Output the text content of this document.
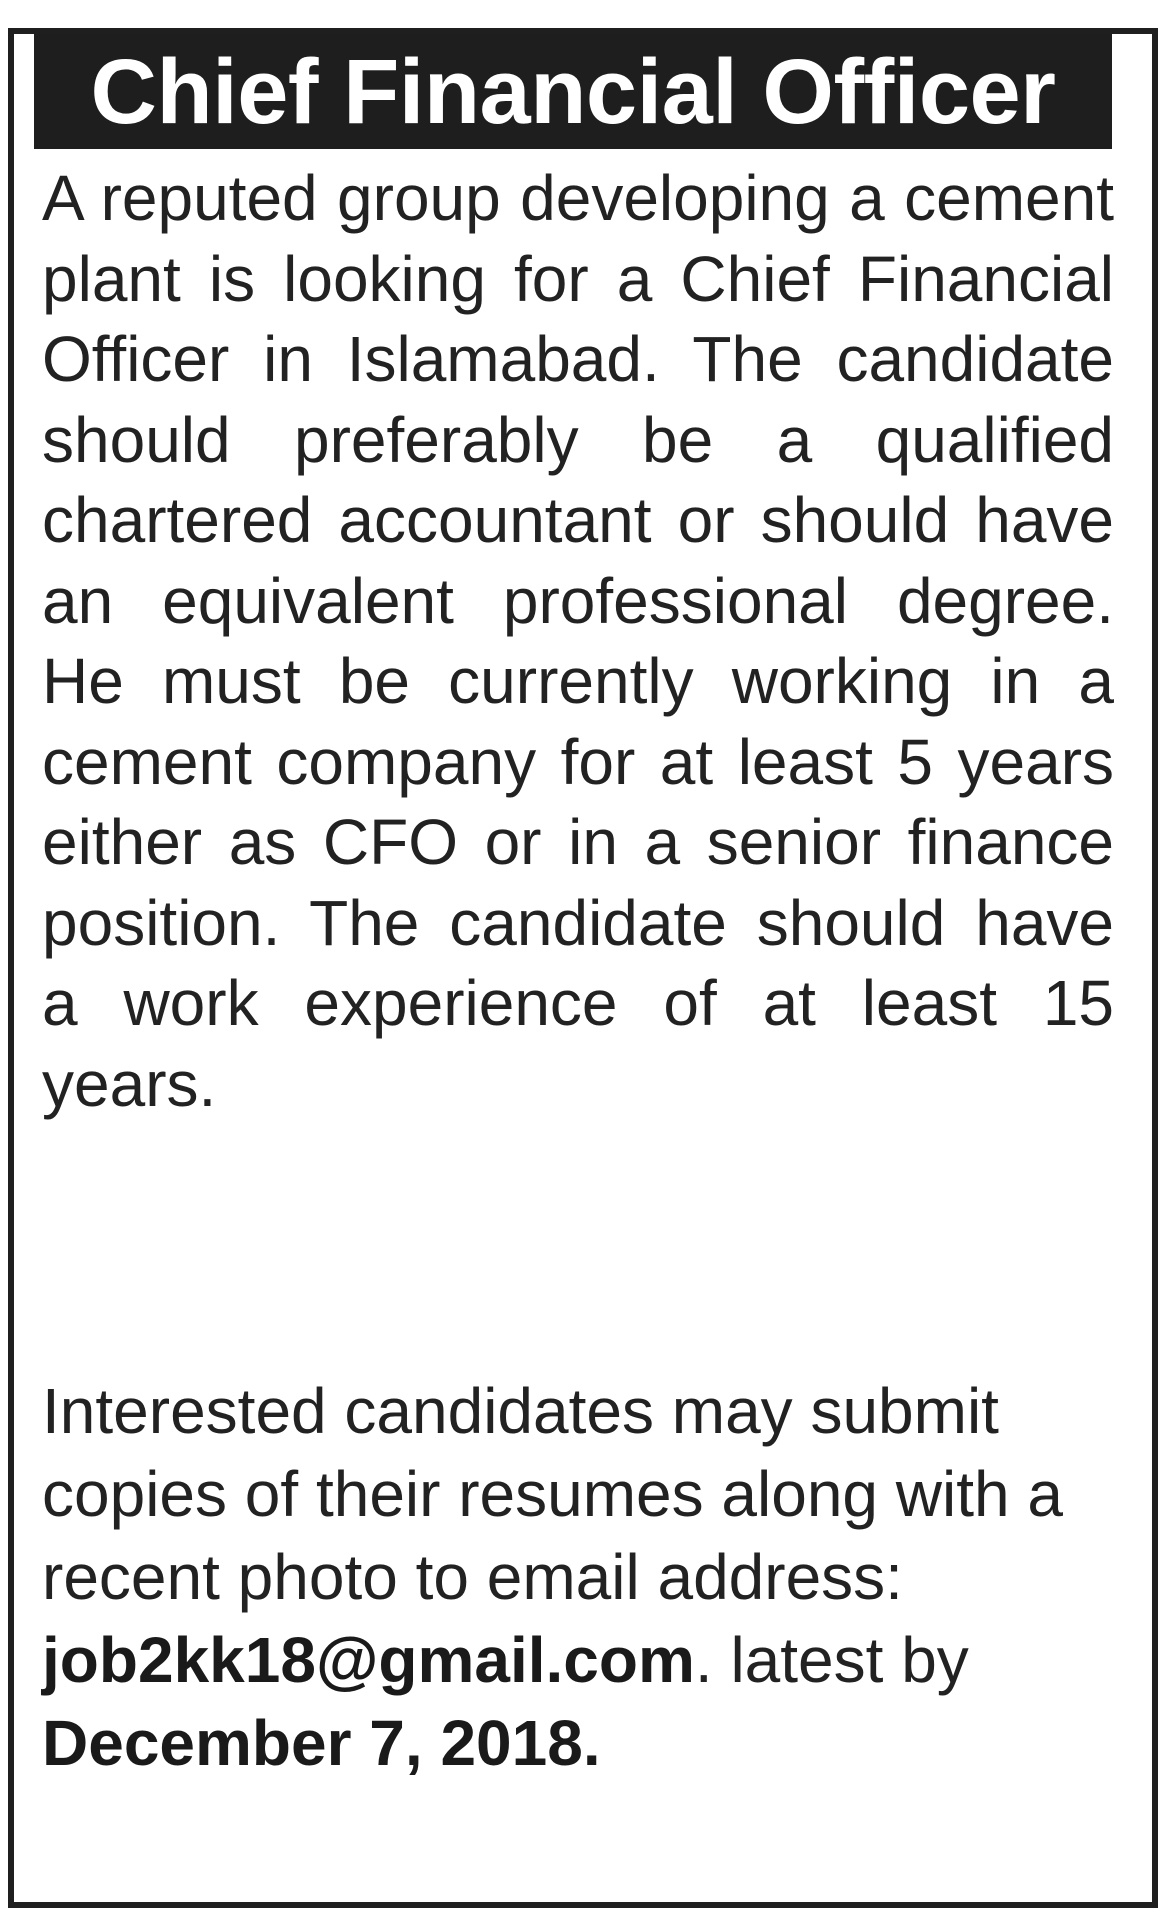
Chief Financial Officer

A reputed group developing a cement plant is looking for a Chief Financial Officer in Islamabad. The candidate should preferably be a qualified chartered accountant or should have an equivalent professional degree. He must be currently working in a cement company for at least 5 years either as CFO or in a senior finance position. The candidate should have a work experience of at least 15 years.

Interested candidates may submit copies of their resumes along with a recent photo to email address:
job2kk18@gmail.com. latest by December 7, 2018.
